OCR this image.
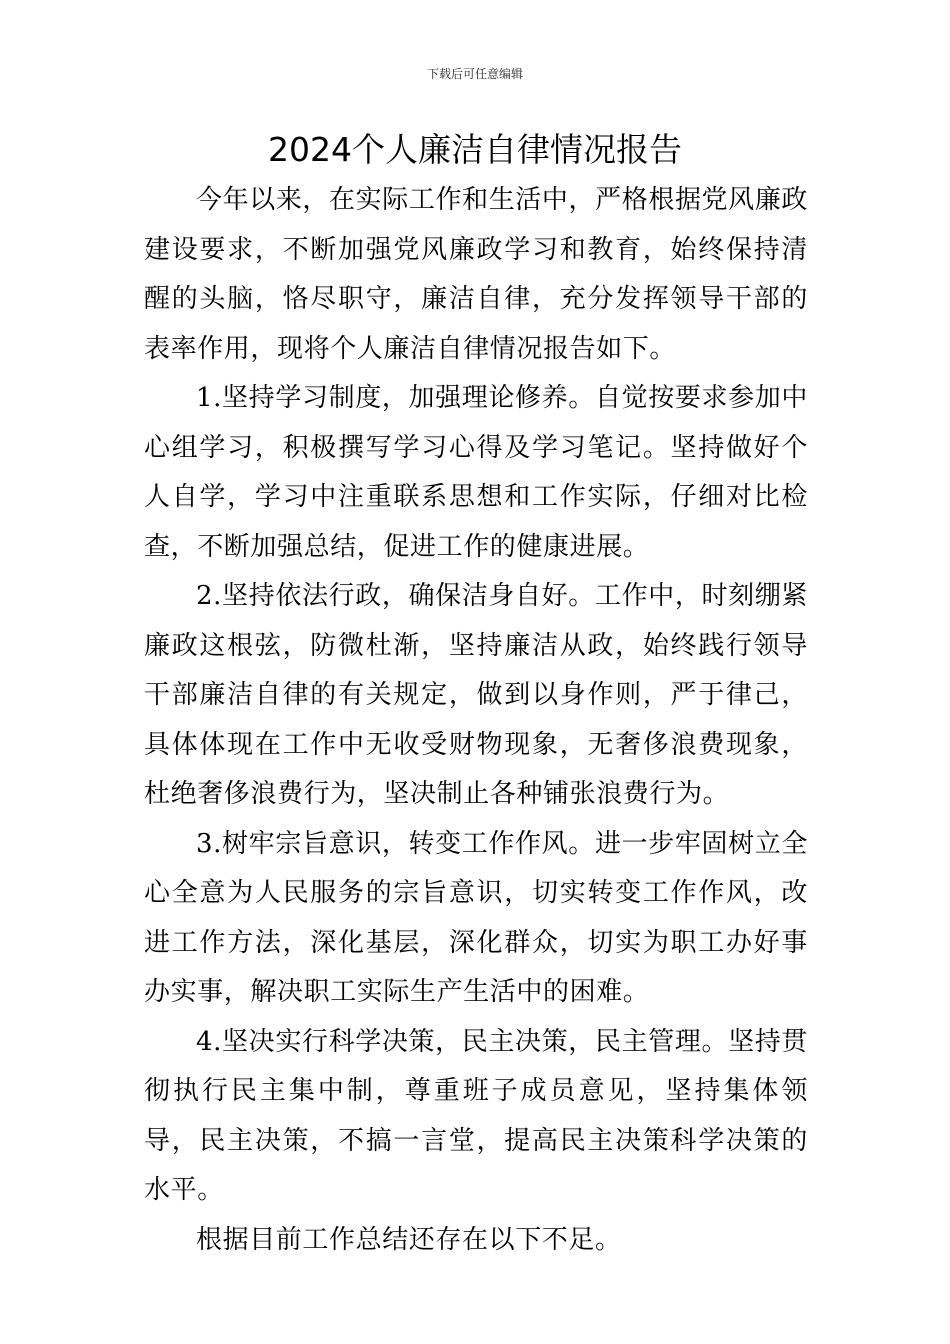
下载后可任意编辑
2024个人廉洁自律情况报告

今年以来，在实际工作和生活中，严格根据党风廉政建设要求，不断加强党风廉政学习和教育，始终保持清醒的头脑，恪尽职守，廉洁自律，充分发挥领导干部的表率作用，现将个人廉洁自律情况报告如下。

1.坚持学习制度，加强理论修养。自觉按要求参加中心组学习，积极撰写学习心得及学习笔记。坚持做好个人自学，学习中注重联系思想和工作实际，仔细对比检查，不断加强总结，促进工作的健康进展。

2.坚持依法行政，确保洁身自好。工作中，时刻绷紧廉政这根弦，防微杜渐，坚持廉洁从政，始终践行领导干部廉洁自律的有关规定，做到以身作则，严于律己，具体体现在工作中无收受财物现象，无奢侈浪费现象，杜绝奢侈浪费行为，坚决制止各种铺张浪费行为。

3.树牢宗旨意识，转变工作作风。进一步牢固树立全心全意为人民服务的宗旨意识，切实转变工作作风，改进工作方法，深化基层，深化群众，切实为职工办好事办实事，解决职工实际生产生活中的困难。

4.坚决实行科学决策，民主决策，民主管理。坚持贯彻执行民主集中制，尊重班子成员意见，坚持集体领导，民主决策，不搞一言堂，提高民主决策科学决策的水平。

根据目前工作总结还存在以下不足。
